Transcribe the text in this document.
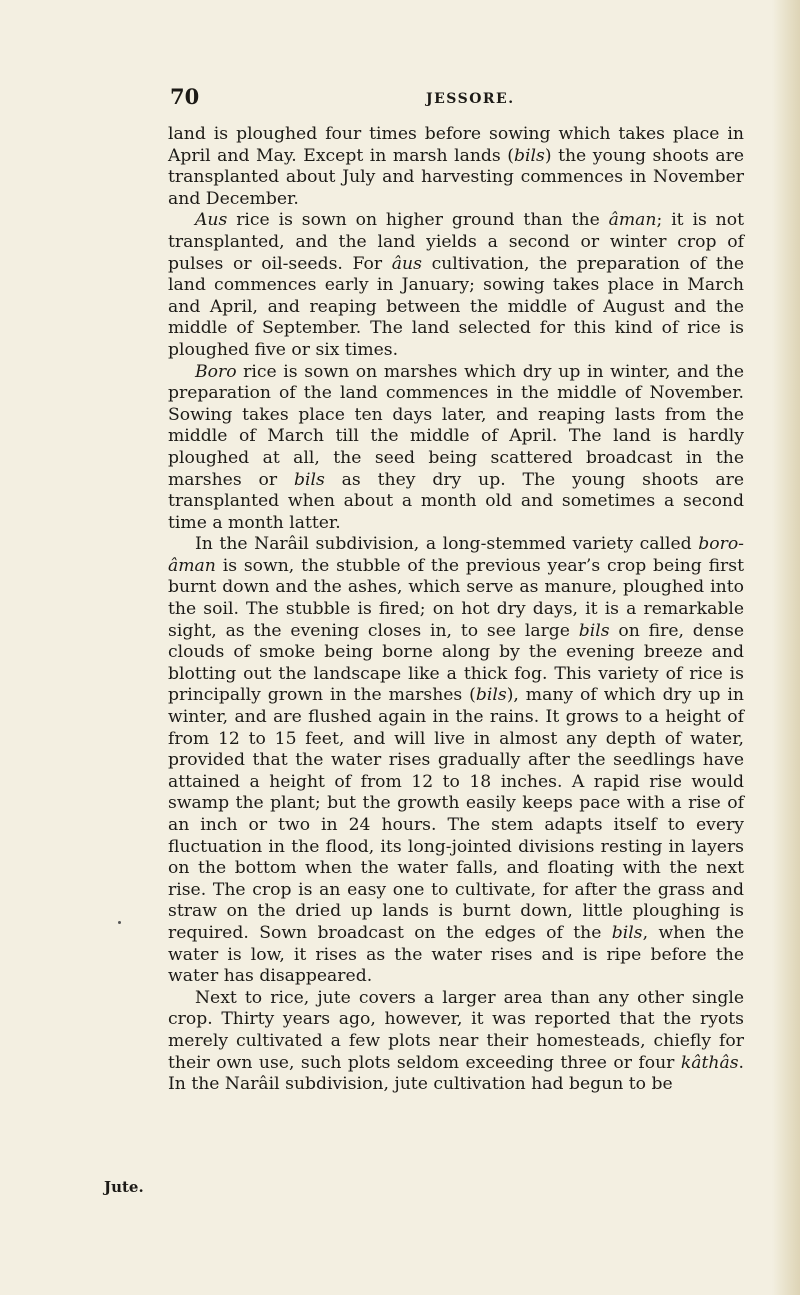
70	JESSORE.
Jute.

land is ploughed four times before sowing which takes place in April and May. Except in marsh lands (bils) the young shoots are transplanted about July and harvesting commences in November and December.

Aus rice is sown on higher ground than the âman; it is not transplanted, and the land yields a second or winter crop of pulses or oil-seeds. For âus cultivation, the preparation of the land commences early in January; sowing takes place in March and April, and reaping between the middle of August and the middle of September. The land selected for this kind of rice is ploughed five or six times.

Boro rice is sown on marshes which dry up in winter, and the preparation of the land commences in the middle of November. Sowing takes place ten days later, and reaping lasts from the middle of March till the middle of April. The land is hardly ploughed at all, the seed being scattered broadcast in the marshes or bils as they dry up. The young shoots are transplanted when about a month old and sometimes a second time a month latter.

In the Narâil subdivision, a long-stemmed variety called boro-âman is sown, the stubble of the previous year’s crop being first burnt down and the ashes, which serve as manure, ploughed into the soil. The stubble is fired; on hot dry days, it is a remarkable sight, as the evening closes in, to see large bils on fire, dense clouds of smoke being borne along by the evening breeze and blotting out the landscape like a thick fog. This variety of rice is principally grown in the marshes (bils), many of which dry up in winter, and are flushed again in the rains. It grows to a height of from 12 to 15 feet, and will live in almost any depth of water, provided that the water rises gradually after the seedlings have attained a height of from 12 to 18 inches. A rapid rise would swamp the plant; but the growth easily keeps pace with a rise of an inch or two in 24 hours. The stem adapts itself to every fluctuation in the flood, its long-jointed divisions resting in layers on the bottom when the water falls, and floating with the next rise. The crop is an easy one to cultivate, for after the grass and straw on the dried up lands is burnt down, little ploughing is required. Sown broadcast on the edges of the bils, when the water is low, it rises as the water rises and is ripe before the water has disappeared.

Next to rice, jute covers a larger area than any other single crop. Thirty years ago, however, it was reported that the ryots merely cultivated a few plots near their homesteads, chiefly for their own use, such plots seldom exceeding three or four kâthâs. In the Narâil subdivision, jute cultivation had begun to be
